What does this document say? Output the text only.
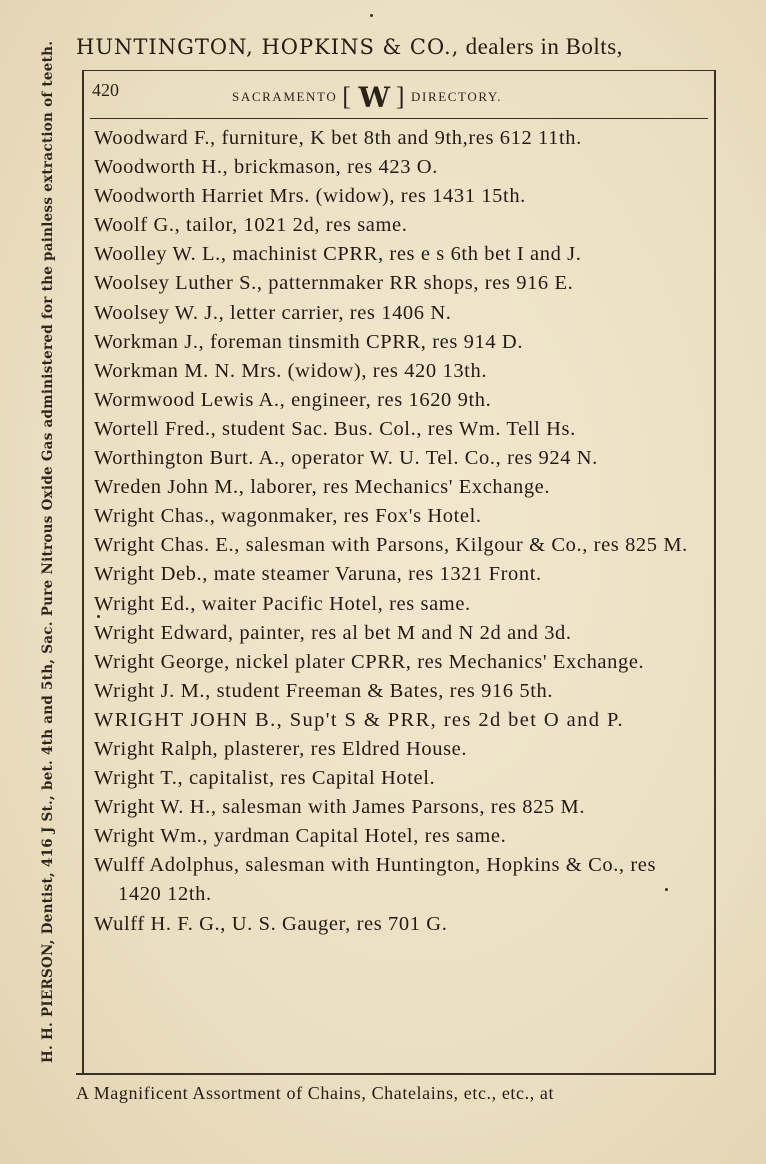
HUNTINGTON, HOPKINS & CO., dealers in Bolts,
H. H. PIERSON, Dentist, 416 J St., bet. 4th and 5th, Sac. Pure Nitrous Oxide Gas administered for the painless extraction of teeth. 420	SACRAMENTO [ W ] DIRECTORY.

Woodward F., furniture, K bet 8th and 9th,res 612 11th.

Woodworth H., brickmason, res 423 O.

Woodworth Harriet Mrs. (widow), res 1431 15th.

Woolf G., tailor, 1021 2d, res same.

Woolley W. L., machinist CPRR, res e s 6th bet I and J.

Woolsey Luther S., patternmaker RR shops, res 916 E.

Woolsey W. J., letter carrier, res 1406 N.

Workman J., foreman tinsmith CPRR, res 914 D.

Workman M. N. Mrs. (widow), res 420 13th.

Wormwood Lewis A., engineer, res 1620 9th.

Wortell Fred., student Sac. Bus. Col., res Wm. Tell Hs.

Worthington Burt. A., operator W. U. Tel. Co., res 924 N.

Wreden John M., laborer, res Mechanics' Exchange.

Wright Chas., wagonmaker, res Fox's Hotel.

Wright Chas. E., salesman with Parsons, Kilgour & Co., res 825 M.

Wright Deb., mate steamer Varuna, res 1321 Front.

Wright Ed., waiter Pacific Hotel, res same.

Wright Edward, painter, res al bet M and N 2d and 3d.

Wright George, nickel plater CPRR, res Mechanics' Exchange.

Wright J. M., student Freeman & Bates, res 916 5th.

WRIGHT JOHN B., Sup't S & PRR, res 2d bet O and P.

Wright Ralph, plasterer, res Eldred House.

Wright T., capitalist, res Capital Hotel.

Wright W. H., salesman with James Parsons, res 825 M.

Wright Wm., yardman Capital Hotel, res same.

Wulff Adolphus, salesman with Huntington, Hopkins & Co., res 1420 12th.

Wulff H. F. G., U. S. Gauger, res 701 G.

A Magnificent Assortment of Chains, Chatelains, etc., etc., at
